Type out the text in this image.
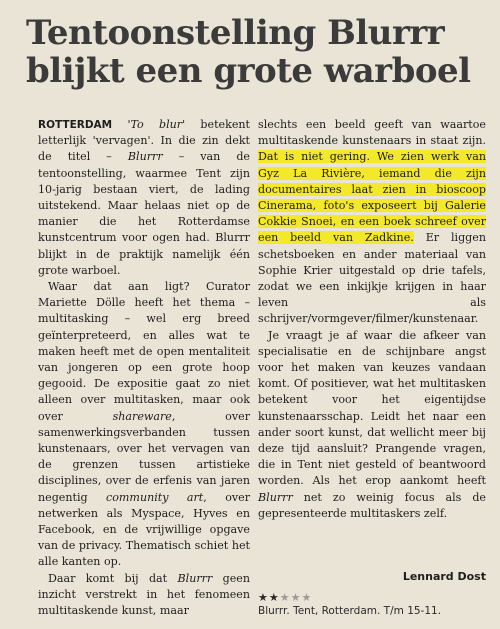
Tentoonstelling Blurrr
blijkt een grote warboel

ROTTERDAM 'To blur' betekent letterlijk 'vervagen'. In die zin dekt de titel – Blurrr – van de tentoonstelling, waarmee Tent zijn 10-jarig bestaan viert, de lading uitstekend. Maar helaas niet op de manier die het Rotterdamse kunstcentrum voor ogen had. Blurrr blijkt in de praktijk namelijk één grote warboel.

Waar dat aan ligt? Curator Mariette Dölle heeft het thema – multitasking – wel erg breed geïnterpreteerd, en alles wat te maken heeft met de open mentaliteit van jongeren op een grote hoop gegooid. De expositie gaat zo niet alleen over multitasken, maar ook over shareware, over samenwerkingsverbanden tussen kunstenaars, over het vervagen van de grenzen tussen artistieke disciplines, over de erfenis van jaren negentig community art, over netwerken als Myspace, Hyves en Facebook, en de vrijwillige opgave van de privacy. Thematisch schiet het alle kanten op.

Daar komt bij dat Blurrr geen inzicht verstrekt in het fenomeen multitaskende kunst, maar

slechts een beeld geeft van waartoe multitaskende kunstenaars in staat zijn. Dat is niet gering. We zien werk van Gyz La Rivière, iemand die zijn documentaires laat zien in bioscoop Cinerama, foto's exposeert bij Galerie Cokkie Snoei, en een boek schreef over een beeld van Zadkine. Er liggen schetsboeken en ander materiaal van Sophie Krier uitgestald op drie tafels, zodat we een inkijkje krijgen in haar leven als schrijver/vormgever/filmer/kunstenaar.

Je vraagt je af waar die afkeer van specialisatie en de schijnbare angst voor het maken van keuzes vandaan komt. Of positiever, wat het multitasken betekent voor het eigentijdse kunstenaarsschap. Leidt het naar een ander soort kunst, dat wellicht meer bij deze tijd aansluit? Prangende vragen, die in Tent niet gesteld of beantwoord worden. Als het erop aankomt heeft Blurrr net zo weinig focus als de gepresenteerde multitaskers zelf.

Lennard Dost
★★★★★
Blurrr. Tent, Rotterdam. T/m 15-11.
